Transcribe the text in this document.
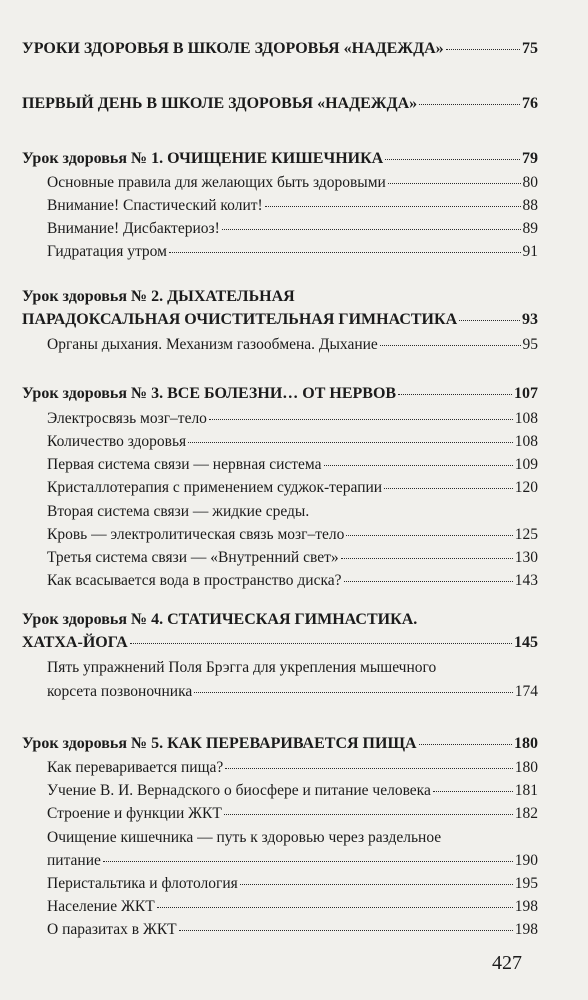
УРОКИ ЗДОРОВЬЯ В ШКОЛЕ ЗДОРОВЬЯ «НАДЕЖДА»	75
ПЕРВЫЙ ДЕНЬ В ШКОЛЕ ЗДОРОВЬЯ «НАДЕЖДА»	76
Урок здоровья № 1. ОЧИЩЕНИЕ КИШЕЧНИКА	79
Основные правила для желающих быть здоровыми	80
Внимание! Спастический колит!	88
Внимание! Дисбактериоз!	89
Гидратация утром	91
Урок здоровья № 2. ДЫХАТЕЛЬНАЯ
ПАРАДОКСАЛЬНАЯ ОЧИСТИТЕЛЬНАЯ ГИМНАСТИКА	93
Органы дыхания. Механизм газообмена. Дыхание	95
Урок здоровья № 3. ВСЕ БОЛЕЗНИ… ОТ НЕРВОВ	107
Электросвязь мозг–тело	108
Количество здоровья	108
Первая система связи — нервная система	109
Кристаллотерапия с применением суджок-терапии	120
Вторая система связи — жидкие среды.
Кровь — электролитическая связь мозг–тело	125
Третья система связи — «Внутренний свет»	130
Как всасывается вода в пространство диска?	143
Урок здоровья № 4. СТАТИЧЕСКАЯ ГИМНАСТИКА.
ХАТХА-ЙОГА	145
Пять упражнений Поля Брэгга для укрепления мышечного
корсета позвоночника	174
Урок здоровья № 5. КАК ПЕРЕВАРИВАЕТСЯ ПИЩА	180
Как переваривается пища?	180
Учение В. И. Вернадского о биосфере и питание человека	181
Строение и функции ЖКТ	182
Очищение кишечника — путь к здоровью через раздельное
питание	190
Перистальтика и флотология	195
Население ЖКТ	198
О паразитах в ЖКТ	198
427
